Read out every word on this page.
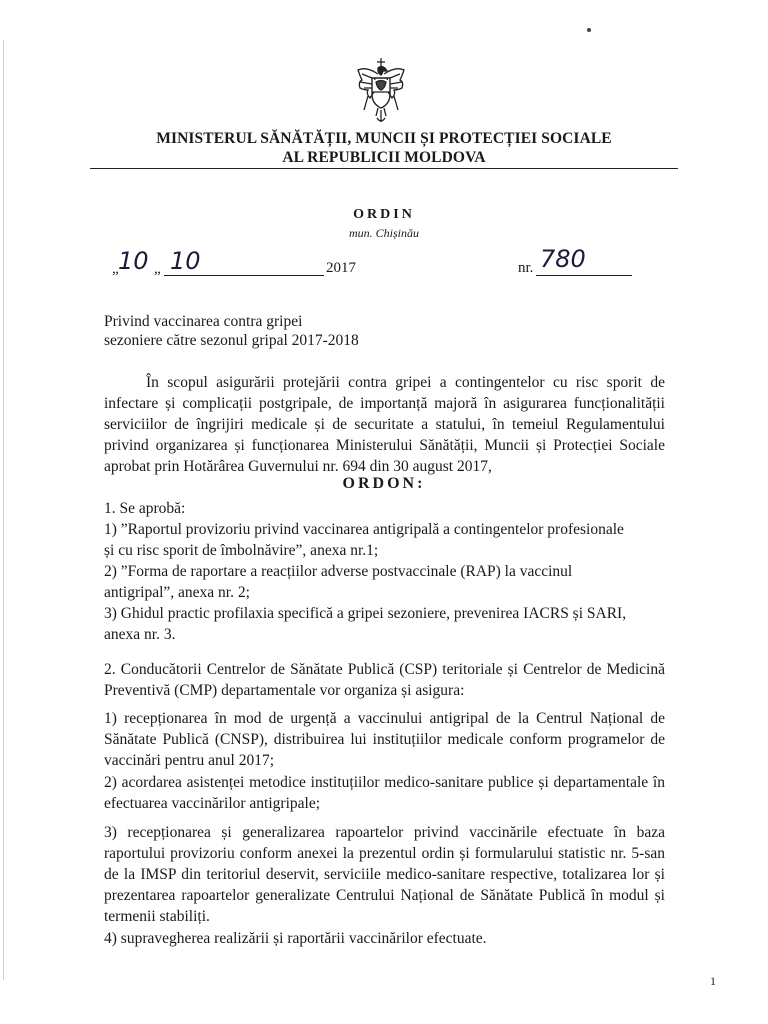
MINISTERUL SĂNĂTĂȚII, MUNCII ȘI PROTECȚIEI SOCIALE
AL REPUBLICII MOLDOVA
ORDIN
mun. Chișinău
„ 10 „ 10	2017	nr. 780
Privind vaccinarea contra gripei
sezoniere către sezonul gripal 2017-2018

În scopul asigurării protejării contra gripei a contingentelor cu risc sporit de infectare și complicații postgripale, de importanță majoră în asigurarea funcționalității serviciilor de îngrijiri medicale și de securitate a statului, în temeiul Regulamentului privind organizarea și funcționarea Ministerului Sănătății, Muncii și Protecției Sociale aprobat prin Hotărârea Guvernului nr. 694 din 30 august 2017,

ORDON:
1. Se aprobă:
1) ”Raportul provizoriu privind vaccinarea antigripală a contingentelor profesionale
și cu risc sporit de îmbolnăvire”, anexa nr.1;
2) ”Forma de raportare a reacțiilor adverse postvaccinale (RAP) la vaccinul
antigripal”, anexa nr. 2;
3) Ghidul practic profilaxia specifică a gripei sezoniere, prevenirea IACRS și SARI,
anexa nr. 3.

2. Conducătorii Centrelor de Sănătate Publică (CSP) teritoriale și Centrelor de Medicină Preventivă (CMP) departamentale vor organiza și asigura:

1) recepționarea în mod de urgență a vaccinului antigripal de la Centrul Național de Sănătate Publică (CNSP), distribuirea lui instituțiilor medicale conform programelor de vaccinări pentru anul 2017;

2) acordarea asistenței metodice instituțiilor medico-sanitare publice și departamentale în efectuarea vaccinărilor antigripale;

3) recepționarea și generalizarea rapoartelor privind vaccinările efectuate în baza raportului provizoriu conform anexei la prezentul ordin și formularului statistic nr. 5-san de la IMSP din teritoriul deservit, serviciile medico-sanitare respective, totalizarea lor și prezentarea rapoartelor generalizate Centrului Național de Sănătate Publică în modul și termenii stabiliți.

4) supravegherea realizării și raportării vaccinărilor efectuate.

1
